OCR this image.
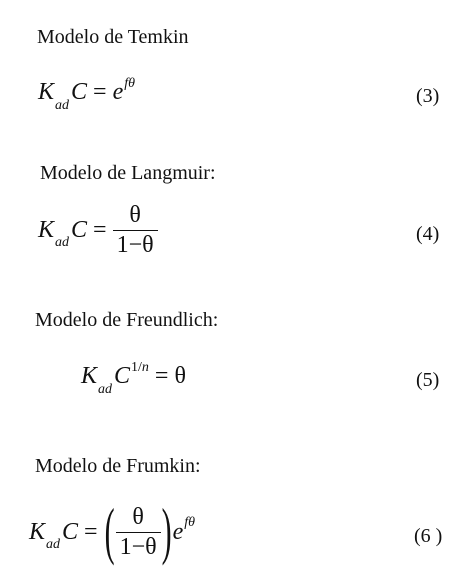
Modelo de Temkin
$K_{ad}C = e^{f\theta}$
(3)
Modelo de Langmuir:
$K_{ad}C = \frac{\theta}{1-\theta}$	(4)
Modelo de Freundlich:
$K_{ad}C^{1/n} = \theta$	(5)
Modelo de Frumkin:
$K_{ad}C$ = ( $\frac{\theta}{1-\theta} )e^{f\theta}$
(6 )
